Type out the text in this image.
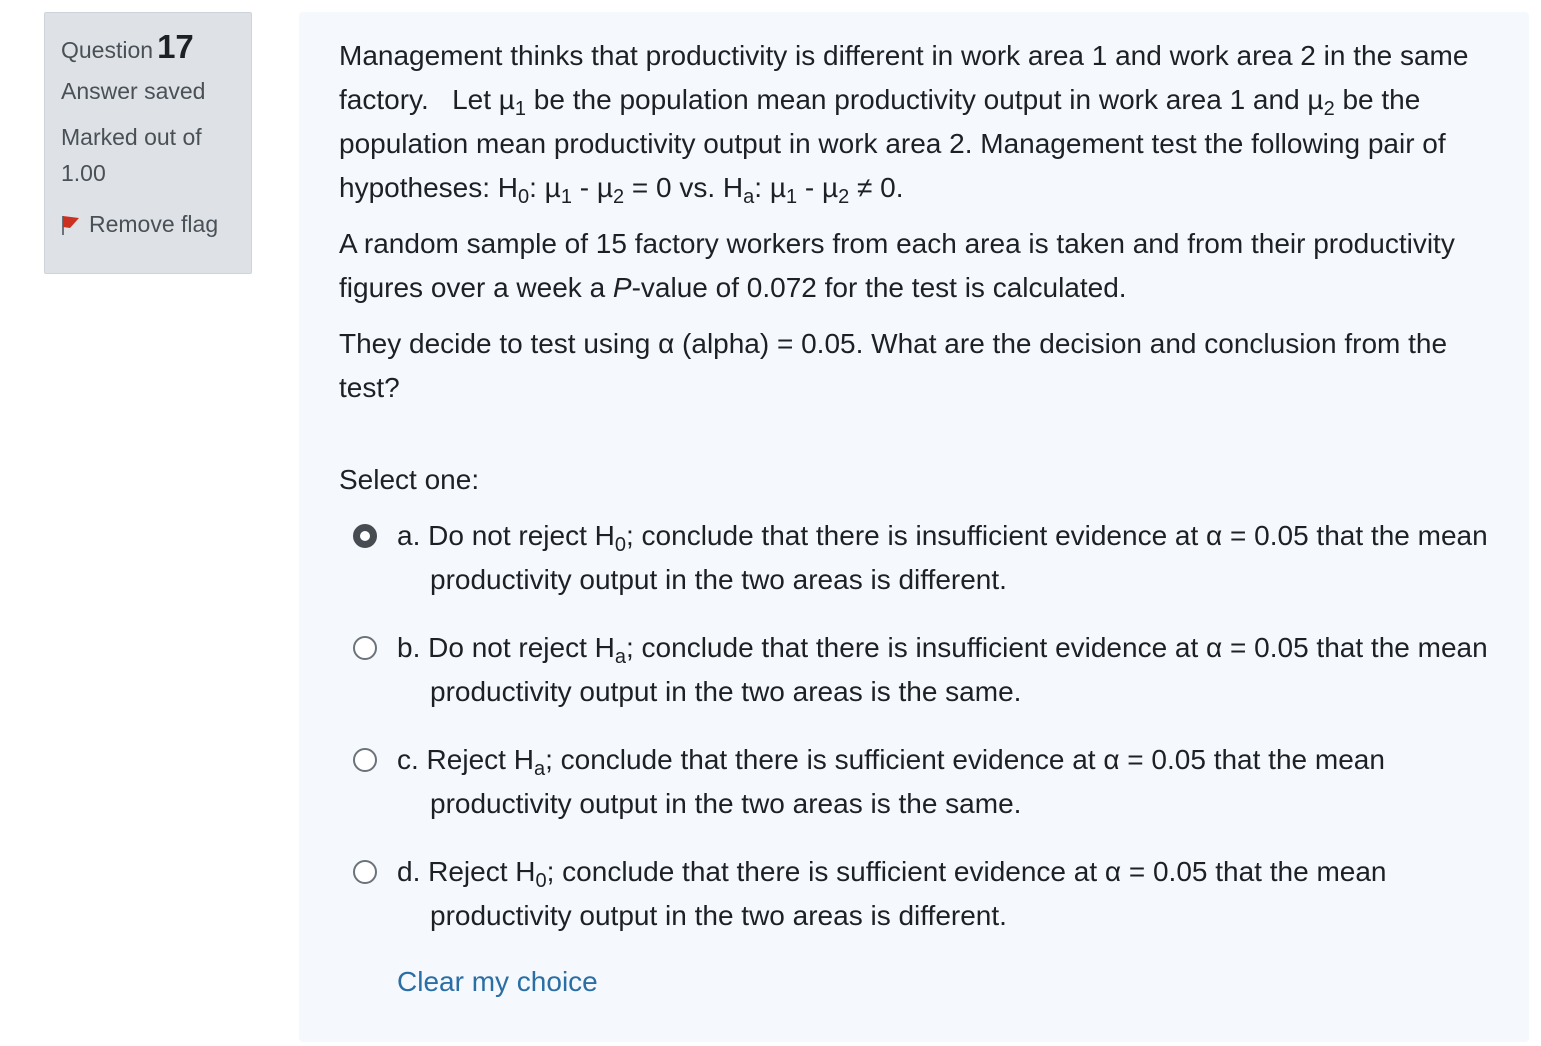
Question 17
Answer saved
Marked out of
1.00
Remove flag

Management thinks that productivity is different in work area 1 and work area 2 in the same factory.   Let µ$_1$ be the population mean productivity output in work area 1 and µ$_2$ be the population mean productivity output in work area 2. Management test the following pair of hypotheses: $H_0$: µ$_1$ - µ$_2$ = 0 vs. $H_a$: µ$_1$ - µ$_2$ ≠ 0.

A random sample of 15 factory workers from each area is taken and from their productivity figures over a week a P-value of 0.072 for the test is calculated.

They decide to test using α (alpha) = 0.05. What are the decision and conclusion from the test?

Select one:
a. Do not reject $H_0$; conclude that there is insufficient evidence at α = 0.05 that the mean productivity output in the two areas is different.
b. Do not reject $H_a$; conclude that there is insufficient evidence at α = 0.05 that the mean productivity output in the two areas is the same.
c. Reject $H_a$; conclude that there is sufficient evidence at α = 0.05 that the mean productivity output in the two areas is the same.
d. Reject $H_0$; conclude that there is sufficient evidence at α = 0.05 that the mean productivity output in the two areas is different.
Clear my choice
